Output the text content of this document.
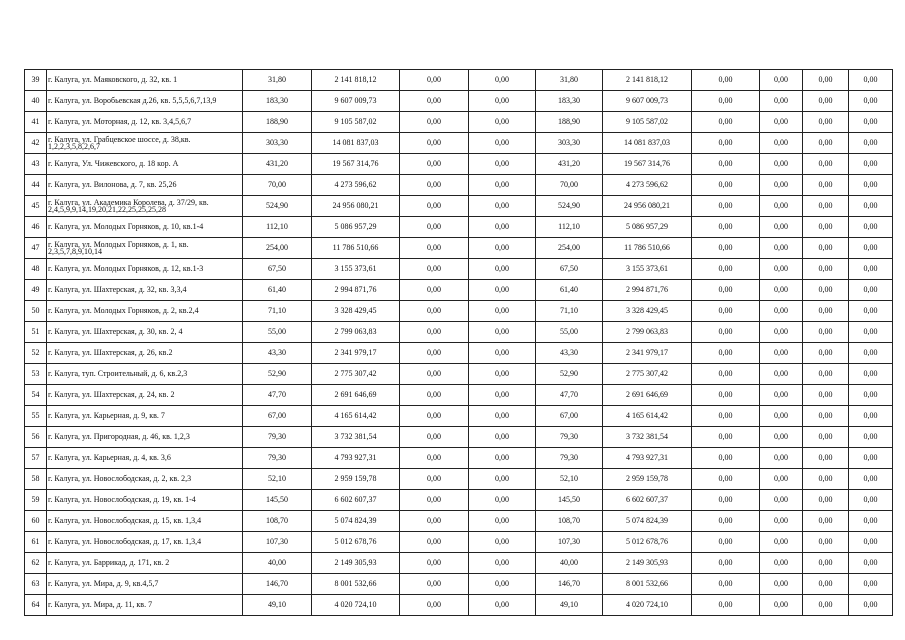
39	г. Калуга, ул. Маяковского, д. 32, кв. 1	31,80	2 141 818,12	0,00	0,00	31,80	2 141 818,12	0,00	0,00	0,00	0,00
40	г. Калуга, ул. Воробьевская д.26, кв. 5,5,5,6,7,13,9	183,30	9 607 009,73	0,00	0,00	183,30	9 607 009,73	0,00	0,00	0,00	0,00
41	г. Калуга, ул. Моторная, д. 12, кв. 3,4,5,6,7	188,90	9 105 587,02	0,00	0,00	188,90	9 105 587,02	0,00	0,00	0,00	0,00
42	г. Калуга, ул. Грабцевское шоссе, д. 38,кв. 1,2,2,3,5,8,2,6,7	303,30	14 081 837,03	0,00	0,00	303,30	14 081 837,03	0,00	0,00	0,00	0,00
43	г. Калуга, Ул. Чижевского, д. 18 кор. А	431,20	19 567 314,76	0,00	0,00	431,20	19 567 314,76	0,00	0,00	0,00	0,00
44	г. Калуга, ул. Вилонова, д. 7, кв. 25,26	70,00	4 273 596,62	0,00	0,00	70,00	4 273 596,62	0,00	0,00	0,00	0,00
45	г. Калуга, ул. Академика Королева, д. 37/29, кв. 2,4,5,9,9,14,19,20,21,22,25,25,25,28	524,90	24 956 080,21	0,00	0,00	524,90	24 956 080,21	0,00	0,00	0,00	0,00
46	г. Калуга, ул. Молодых Горняков, д. 10, кв.1-4	112,10	5 086 957,29	0,00	0,00	112,10	5 086 957,29	0,00	0,00	0,00	0,00
47	г. Калуга, ул. Молодых Горняков, д. 1, кв. 2,3,5,7,8,9,10,14	254,00	11 786 510,66	0,00	0,00	254,00	11 786 510,66	0,00	0,00	0,00	0,00
48	г. Калуга, ул. Молодых Горняков, д. 12, кв.1-3	67,50	3 155 373,61	0,00	0,00	67,50	3 155 373,61	0,00	0,00	0,00	0,00
49	г. Калуга, ул. Шахтерская, д. 32, кв. 3,3,4	61,40	2 994 871,76	0,00	0,00	61,40	2 994 871,76	0,00	0,00	0,00	0,00
50	г. Калуга, ул. Молодых Горняков, д. 2, кв.2,4	71,10	3 328 429,45	0,00	0,00	71,10	3 328 429,45	0,00	0,00	0,00	0,00
51	г. Калуга, ул. Шахтерская, д. 30, кв. 2, 4	55,00	2 799 063,83	0,00	0,00	55,00	2 799 063,83	0,00	0,00	0,00	0,00
52	г. Калуга, ул. Шахтерская, д. 26, кв.2	43,30	2 341 979,17	0,00	0,00	43,30	2 341 979,17	0,00	0,00	0,00	0,00
53	г. Калуга, туп. Строительный, д. 6, кв.2,3	52,90	2 775 307,42	0,00	0,00	52,90	2 775 307,42	0,00	0,00	0,00	0,00
54	г. Калуга, ул. Шахтерская, д. 24, кв. 2	47,70	2 691 646,69	0,00	0,00	47,70	2 691 646,69	0,00	0,00	0,00	0,00
55	г. Калуга, ул. Карьерная, д. 9, кв. 7	67,00	4 165 614,42	0,00	0,00	67,00	4 165 614,42	0,00	0,00	0,00	0,00
56	г. Калуга, ул. Пригородная, д. 46, кв. 1,2,3	79,30	3 732 381,54	0,00	0,00	79,30	3 732 381,54	0,00	0,00	0,00	0,00
57	г. Калуга, ул. Карьерная, д. 4, кв. 3,6	79,30	4 793 927,31	0,00	0,00	79,30	4 793 927,31	0,00	0,00	0,00	0,00
58	г. Калуга, ул. Новослободская, д. 2, кв. 2,3	52,10	2 959 159,78	0,00	0,00	52,10	2 959 159,78	0,00	0,00	0,00	0,00
59	г. Калуга, ул. Новослободская, д. 19, кв. 1-4	145,50	6 602 607,37	0,00	0,00	145,50	6 602 607,37	0,00	0,00	0,00	0,00
60	г. Калуга, ул. Новослободская, д. 15, кв. 1,3,4	108,70	5 074 824,39	0,00	0,00	108,70	5 074 824,39	0,00	0,00	0,00	0,00
61	г. Калуга, ул. Новослободская, д. 17, кв. 1,3,4	107,30	5 012 678,76	0,00	0,00	107,30	5 012 678,76	0,00	0,00	0,00	0,00
62	г. Калуга, ул. Баррикад, д. 171, кв. 2	40,00	2 149 305,93	0,00	0,00	40,00	2 149 305,93	0,00	0,00	0,00	0,00
63	г. Калуга, ул. Мира, д. 9, кв.4,5,7	146,70	8 001 532,66	0,00	0,00	146,70	8 001 532,66	0,00	0,00	0,00	0,00
64	г. Калуга, ул. Мира, д. 11, кв. 7	49,10	4 020 724,10	0,00	0,00	49,10	4 020 724,10	0,00	0,00	0,00	0,00
